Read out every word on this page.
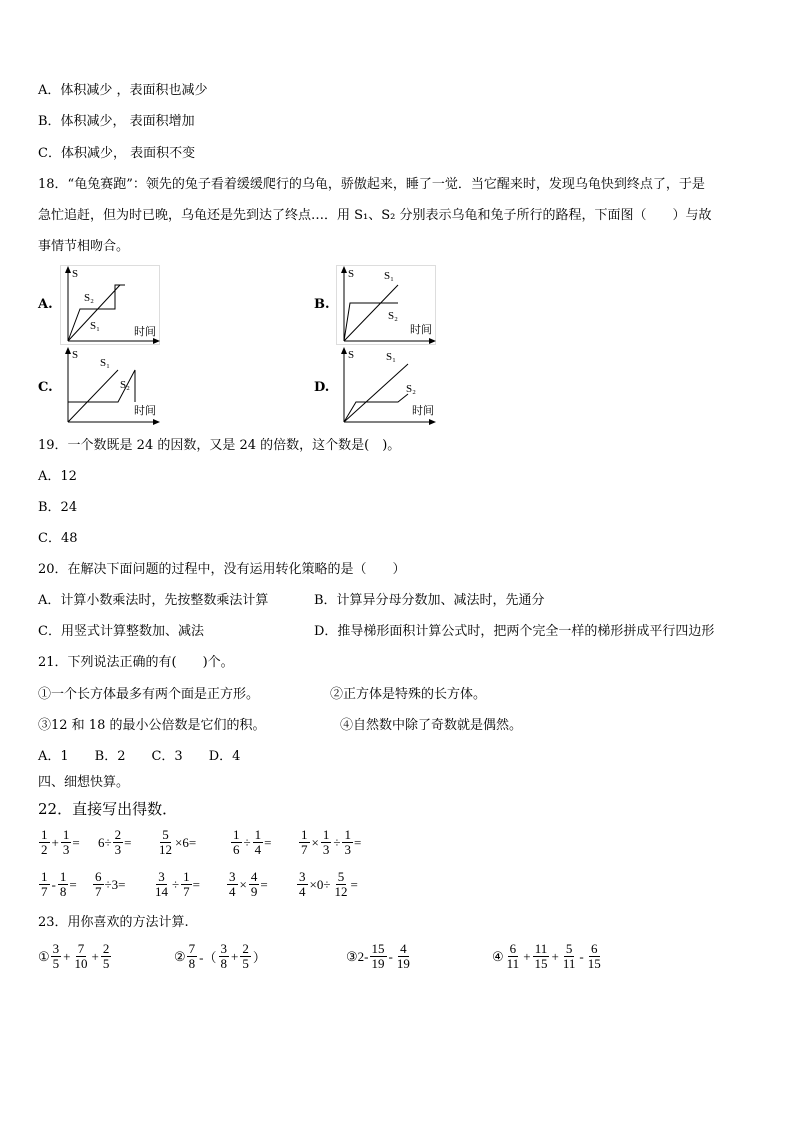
A．体积减少 ，表面积也减少
B．体积减少， 表面积增加
C．体积减少， 表面积不变
18．“龟兔赛跑”：领先的兔子看着缓缓爬行的乌龟，骄傲起来，睡了一觉．当它醒来时，发现乌龟快到终点了，于是
急忙追赶，但为时已晚，乌龟还是先到达了终点…．用 S₁、S₂ 分别表示乌龟和兔子所行的路程，下面图（　　）与故
事情节相吻合。
A.
S
S₂
S₁	时间
B.
S	S₁
S₂
时间
C.
S
S₁
S₂
时间
D.
S	S₁
S₂
时间
19．一个数既是 24 的因数，又是 24 的倍数，这个数是(　)。
A．12
B．24
C．48
20．在解决下面问题的过程中，没有运用转化策略的是（　　）
A．计算小数乘法时，先按整数乘法计算	B．计算异分母分数加、减法时，先通分
C．用竖式计算整数加、减法	D．推导梯形面积计算公式时，把两个完全一样的梯形拼成平行四边形
21．下列说法正确的有(　　)个。
①一个长方体最多有两个面是正方形。	②正方体是特殊的长方体。
③12 和 18 的最小公倍数是它们的积。	④自然数中除了奇数就是偶然。
A．1　　B．2　　C．3　　D．4
四、细想快算。
22．直接写出得数．
$\frac{1}{2} + \frac{1}{3} = 6\div \frac{2}{3} = \frac{5}{12} \times 6=$	$\frac{1}{6} \div \frac{1}{4} = \frac{1}{7} \times \frac{1}{3} \div \frac{1}{3}$ =
$\frac{1}{7} - \frac{1}{8} = \frac{6}{7} \div 3= \frac{3}{14} \div \frac{1}{7} = \frac{3}{4} \times \frac{4}{9} = \frac{3}{4} \times 0\div \frac{5}{12}$ =
23．用你喜欢的方法计算.
① $\frac{3}{5} + \frac{7}{10} + \frac{2}{5}$	② $\frac{7}{8}$ -（ $\frac{3}{8} + \frac{2}{5}$ ）	③ $2- \frac{15}{19} - \frac{4}{19}$	④ $\frac{6}{11} + \frac{11}{15} + \frac{5}{11} - \frac{6}{15}$
